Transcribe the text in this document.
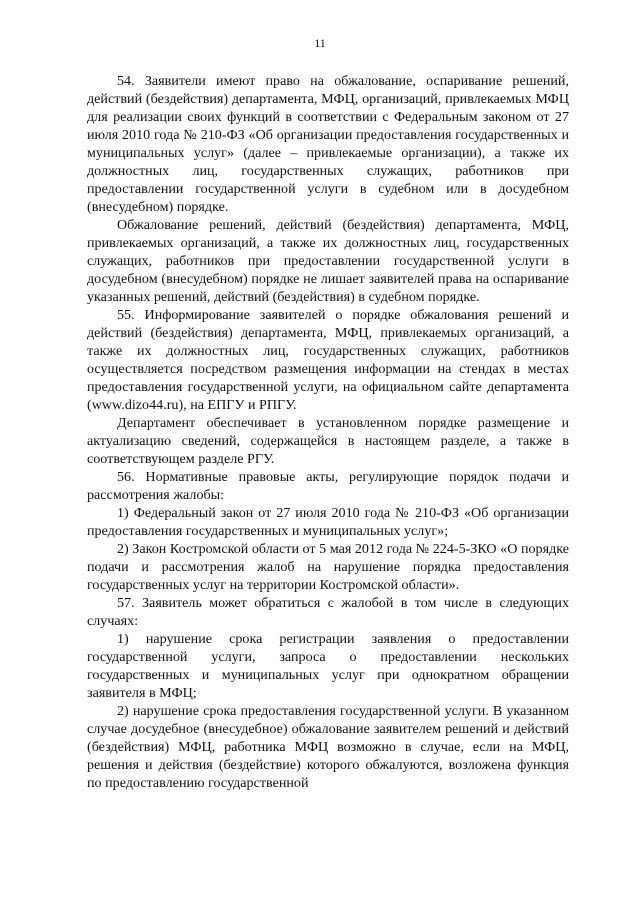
11

54. Заявители имеют право на обжалование, оспаривание решений, действий (бездействия) департамента, МФЦ, организаций, привлекаемых МФЦ для реализации своих функций в соответствии с Федеральным законом от 27 июля 2010 года № 210-ФЗ «Об организации предоставления государственных и муниципальных услуг» (далее – привлекаемые организации), а также их должностных лиц, государственных служащих, работников при предоставлении государственной услуги в судебном или в досудебном (внесудебном) порядке.

Обжалование решений, действий (бездействия) департамента, МФЦ, привлекаемых организаций, а также их должностных лиц, государственных служащих, работников при предоставлении государственной услуги в досудебном (внесудебном) порядке не лишает заявителей права на оспаривание указанных решений, действий (бездействия) в судебном порядке.

55. Информирование заявителей о порядке обжалования решений и действий (бездействия) департамента, МФЦ, привлекаемых организаций, а также их должностных лиц, государственных служащих, работников осуществляется посредством размещения информации на стендах в местах предоставления государственной услуги, на официальном сайте департамента (www.dizo44.ru), на ЕПГУ и РПГУ.

Департамент обеспечивает в установленном порядке размещение и актуализацию сведений, содержащейся в настоящем разделе, а также в соответствующем разделе РГУ.

56. Нормативные правовые акты, регулирующие порядок подачи и рассмотрения жалобы:

1) Федеральный закон от 27 июля 2010 года № 210-ФЗ «Об организации предоставления государственных и муниципальных услуг»;

2) Закон Костромской области от 5 мая 2012 года № 224-5-ЗКО «О порядке подачи и рассмотрения жалоб на нарушение порядка предоставления государственных услуг на территории Костромской области».

57. Заявитель может обратиться с жалобой в том числе в следующих случаях:

1) нарушение срока регистрации заявления о предоставлении государственной услуги, запроса о предоставлении нескольких государственных и муниципальных услуг при однократном обращении заявителя в МФЦ;

2) нарушение срока предоставления государственной услуги. В указанном случае досудебное (внесудебное) обжалование заявителем решений и действий (бездействия) МФЦ, работника МФЦ возможно в случае, если на МФЦ, решения и действия (бездействие) которого обжалуются, возложена функция по предоставлению государственной
